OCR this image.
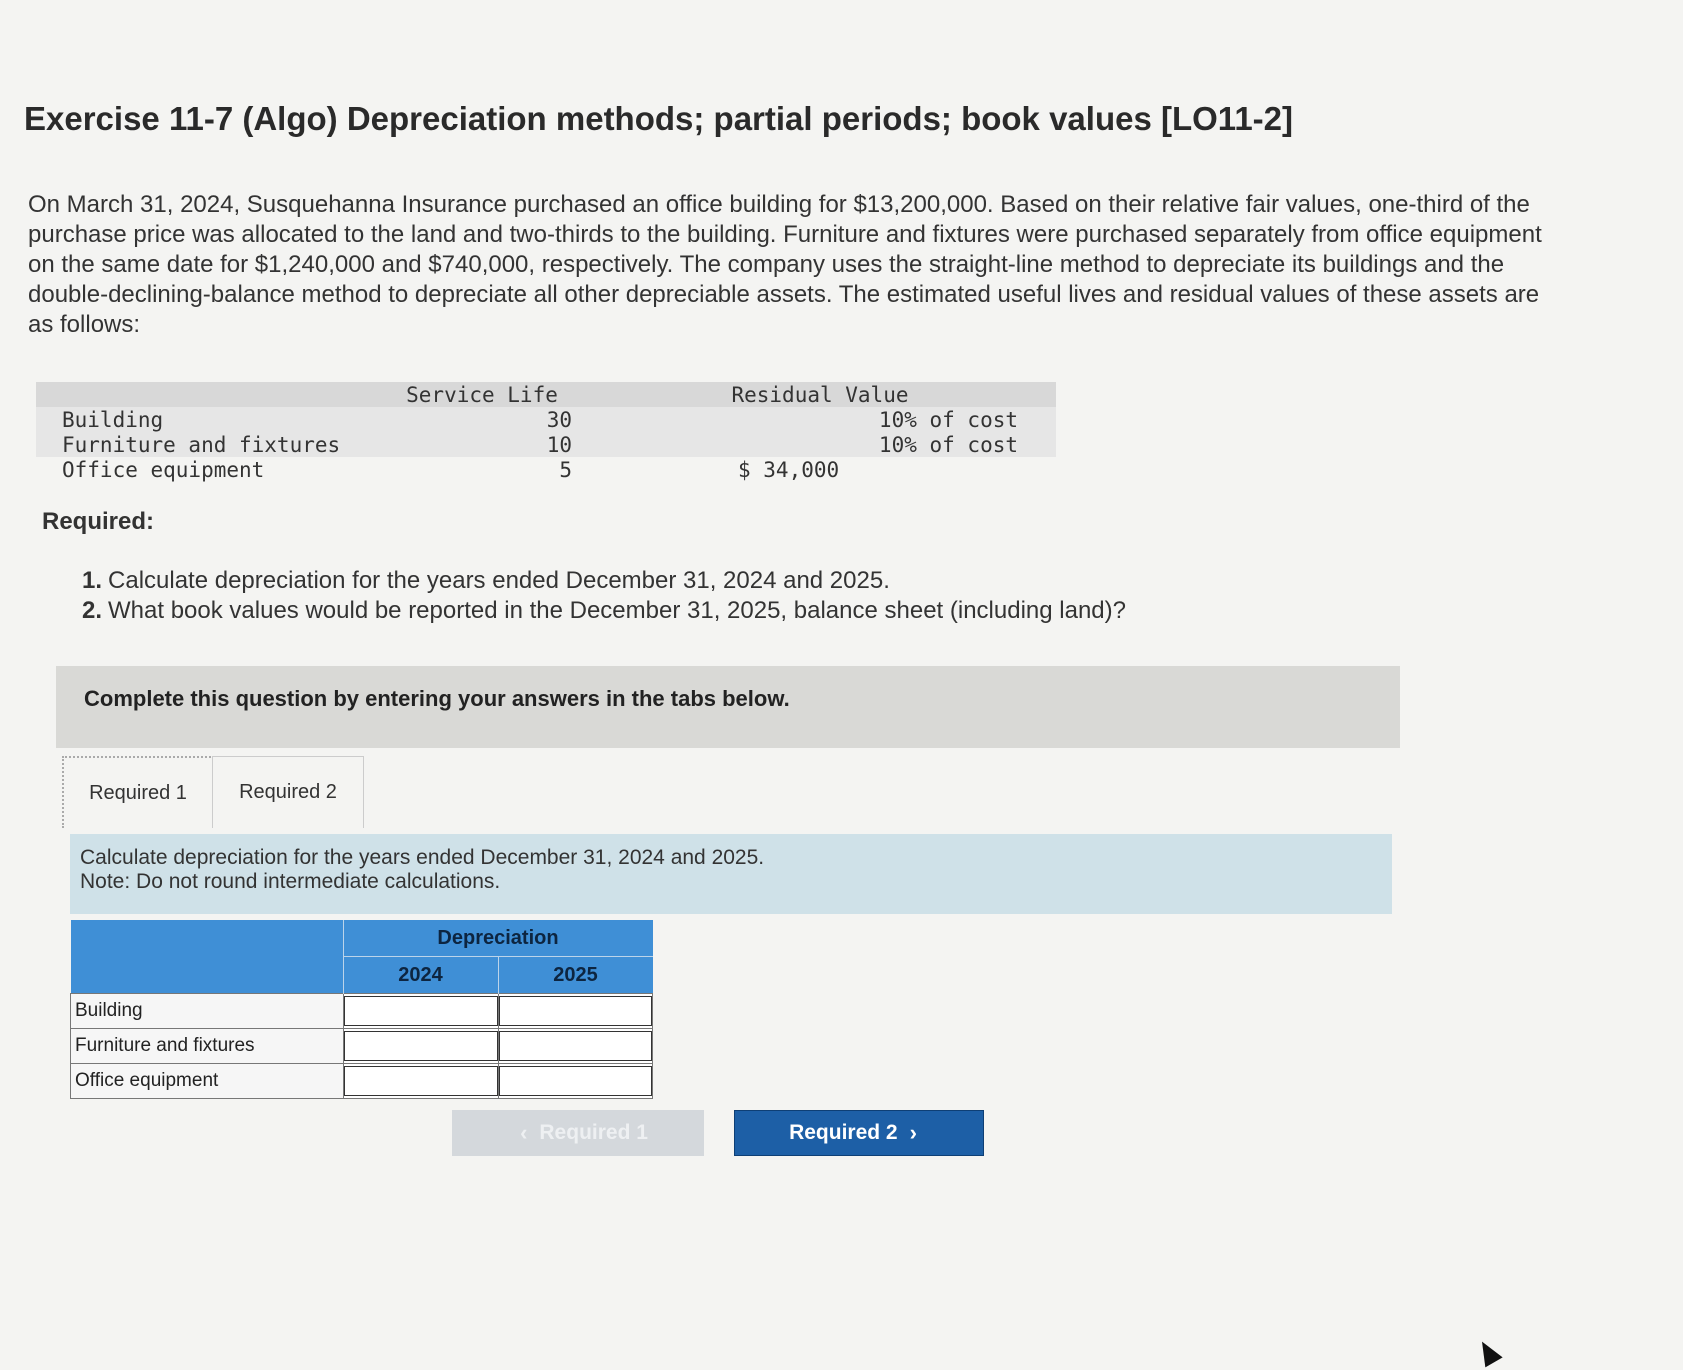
Exercise 11-7 (Algo) Depreciation methods; partial periods; book values [LO11-2]
On March 31, 2024, Susquehanna Insurance purchased an office building for $13,200,000. Based on their relative fair values, one-third of the purchase price was allocated to the land and two-thirds to the building. Furniture and fixtures were purchased separately from office equipment on the same date for $1,240,000 and $740,000, respectively. The company uses the straight-line method to depreciate its buildings and the double-declining-balance method to depreciate all other depreciable assets. The estimated useful lives and residual values of these assets are as follows:
	Service Life	Residual Value
Building	30	10% of cost
Furniture and fixtures	10	10% of cost
Office equipment	5	$ 34,000
Required:
1. Calculate depreciation for the years ended December 31, 2024 and 2025.
2. What book values would be reported in the December 31, 2025, balance sheet (including land)?
Complete this question by entering your answers in the tabs below.
Required 1	Required 2
Calculate depreciation for the years ended December 31, 2024 and 2025.
Note: Do not round intermediate calculations.
	Depreciation	
	2024	2025
Building	

Furniture and fixtures	

Office equipment	

‹ Required 1	Required 2 ›
